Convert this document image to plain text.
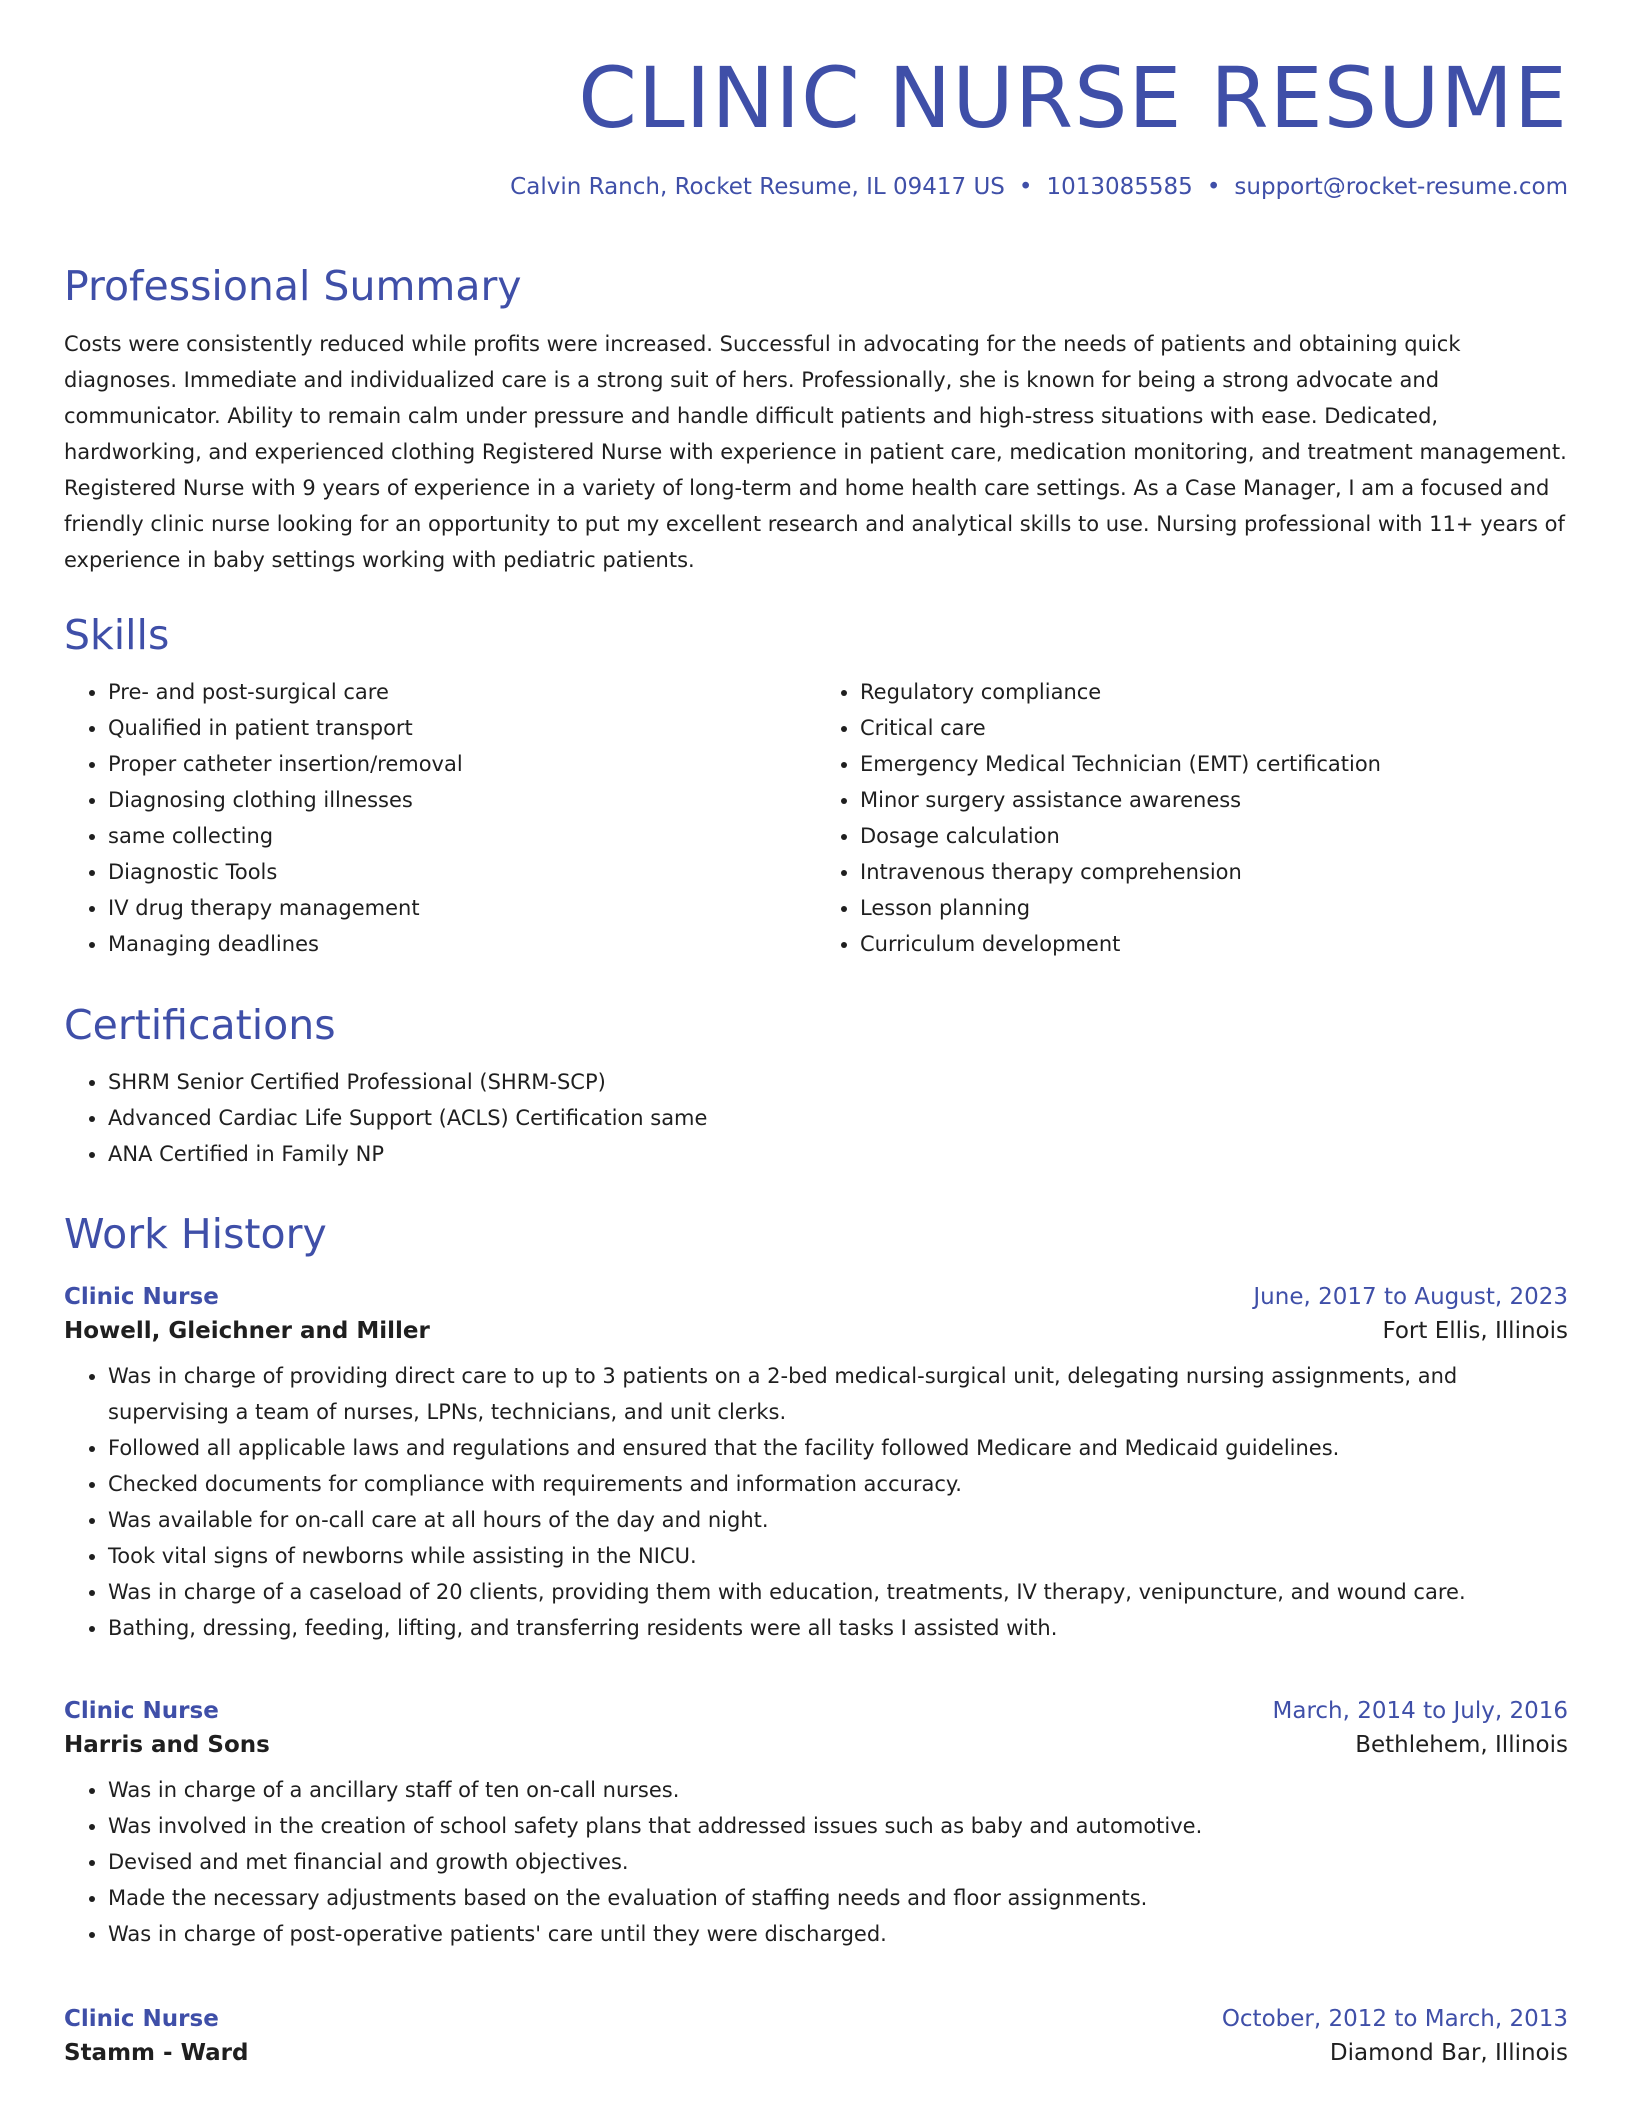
CLINIC NURSE RESUME
Calvin Ranch, Rocket Resume, IL 09417 US • 1013085585 • support@rocket-resume.com
Professional Summary

Costs were consistently reduced while profits were increased. Successful in advocating for the needs of patients and obtaining quick diagnoses. Immediate and individualized care is a strong suit of hers. Professionally, she is known for being a strong advocate and communicator. Ability to remain calm under pressure and handle difficult patients and high-stress situations with ease. Dedicated, hardworking, and experienced clothing Registered Nurse with experience in patient care, medication monitoring, and treatment management. Registered Nurse with 9 years of experience in a variety of long-term and home health care settings. As a Case Manager, I am a focused and friendly clinic nurse looking for an opportunity to put my excellent research and analytical skills to use. Nursing professional with 11+ years of experience in baby settings working with pediatric patients.

Skills
• Pre- and post-surgical care
• Qualified in patient transport
• Proper catheter insertion/removal
• Diagnosing clothing illnesses
• same collecting
• Diagnostic Tools
• IV drug therapy management
• Managing deadlines
• Regulatory compliance
• Critical care
• Emergency Medical Technician (EMT) certification
• Minor surgery assistance awareness
• Dosage calculation
• Intravenous therapy comprehension
• Lesson planning
• Curriculum development
Certifications
• SHRM Senior Certified Professional (SHRM-SCP)
• Advanced Cardiac Life Support (ACLS) Certification same
• ANA Certified in Family NP
Work History
Clinic Nurse	June, 2017 to August, 2023
Howell, Gleichner and Miller	Fort Ellis, Illinois
• Was in charge of providing direct care to up to 3 patients on a 2-bed medical-surgical unit, delegating nursing assignments, and supervising a team of nurses, LPNs, technicians, and unit clerks.
• Followed all applicable laws and regulations and ensured that the facility followed Medicare and Medicaid guidelines.
• Checked documents for compliance with requirements and information accuracy.
• Was available for on-call care at all hours of the day and night.
• Took vital signs of newborns while assisting in the NICU.
• Was in charge of a caseload of 20 clients, providing them with education, treatments, IV therapy, venipuncture, and wound care.
• Bathing, dressing, feeding, lifting, and transferring residents were all tasks I assisted with.
Clinic Nurse	March, 2014 to July, 2016
Harris and Sons	Bethlehem, Illinois
• Was in charge of a ancillary staff of ten on-call nurses.
• Was involved in the creation of school safety plans that addressed issues such as baby and automotive.
• Devised and met financial and growth objectives.
• Made the necessary adjustments based on the evaluation of staffing needs and floor assignments.
• Was in charge of post-operative patients' care until they were discharged.
Clinic Nurse	October, 2012 to March, 2013
Stamm - Ward	Diamond Bar, Illinois
